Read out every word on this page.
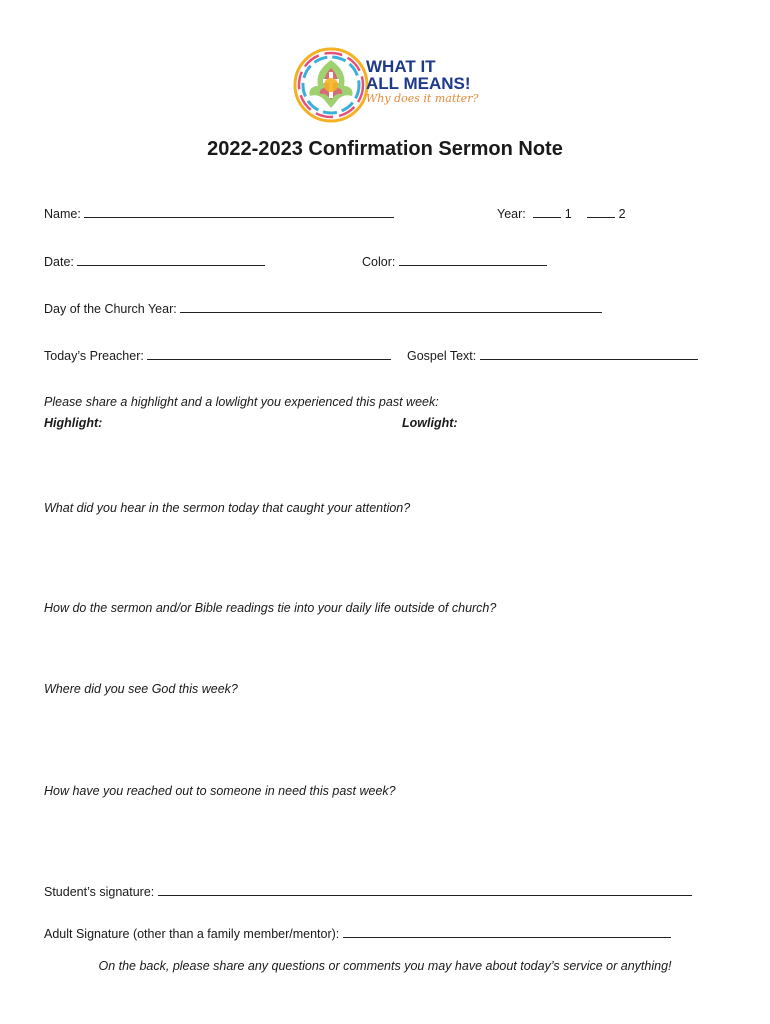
WHAT IT
ALL MEANS!
Why does it matter?
2022-2023 Confirmation Sermon Note
Name:	Year:	1	2
Date:	Color:
Day of the Church Year:
Today’s Preacher:	Gospel Text:
Please share a highlight and a lowlight you experienced this past week:
Highlight:	Lowlight:
What did you hear in the sermon today that caught your attention?
How do the sermon and/or Bible readings tie into your daily life outside of church?
Where did you see God this week?
How have you reached out to someone in need this past week?
Student’s signature:
Adult Signature (other than a family member/mentor):
On the back, please share any questions or comments you may have about today’s service or anything!
